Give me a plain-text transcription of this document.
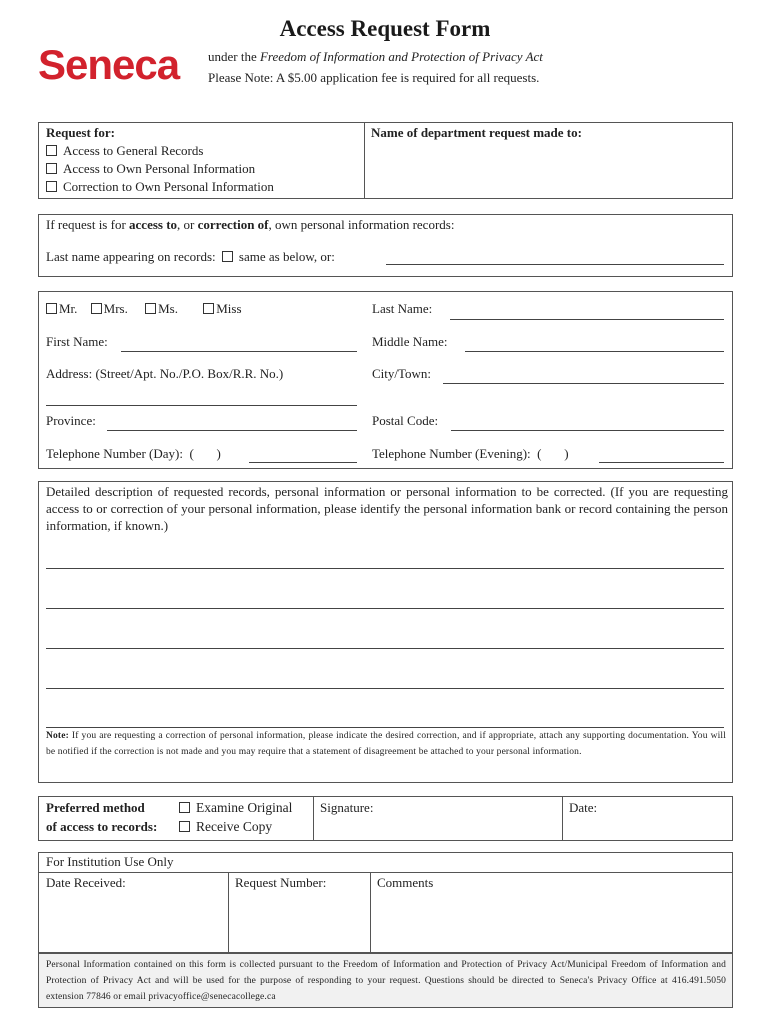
Seneca
Access Request Form
under the Freedom of Information and Protection of Privacy Act
Please Note: A $5.00 application fee is required for all requests.
Request for:
Access to General Records
Access to Own Personal Information
Correction to Own Personal Information
Name of department request made to:
If request is for access to, or correction of, own personal information records:
Last name appearing on records: same as below, or:
Mr. Mrs. Ms.	Miss	Last Name:
First Name:	Middle Name:
Address: (Street/Apt. No./P.O. Box/R.R. No.)	City/Town:
Province:	Postal Code:
Telephone Number (Day):  (       )	Telephone Number (Evening):  (       )
Detailed description of requested records, personal information or personal information to be corrected. (If you are requesting access to or correction of your personal information, please identify the personal information bank or record containing the person information, if known.)
Note: If you are requesting a correction of personal information, please indicate the desired correction, and if appropriate, attach any supporting documentation. You will be notified if the correction is not made and you may require that a statement of disagreement be attached to your personal information.
Preferred method
of access to records:
Examine Original
Receive Copy
Signature:	Date:
For Institution Use Only
Date Received:	Request Number:	Comments
Personal Information contained on this form is collected pursuant to the Freedom of Information and Protection of Privacy Act/Municipal Freedom of Information and Protection of Privacy Act and will be used for the purpose of responding to your request. Questions should be directed to Seneca's Privacy Office at 416.491.5050 extension 77846 or email privacyoffice@senecacollege.ca
